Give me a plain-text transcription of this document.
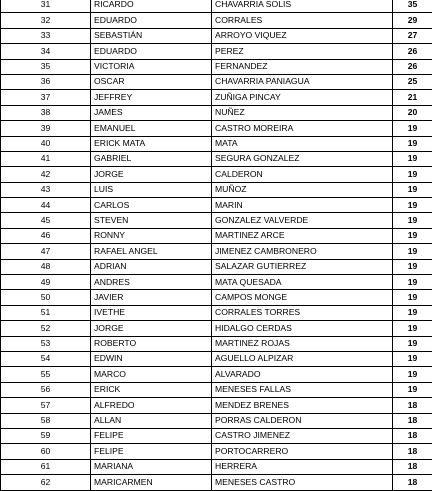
31	RICARDO	CHAVARRIA SOLIS	35
32	EDUARDO	CORRALES	29
33	SEBASTIÁN	ARROYO VIQUEZ	27
34	EDUARDO	PEREZ	26
35	VICTORIA	FERNANDEZ	26
36	OSCAR	CHAVARRIA PANIAGUA	25
37	JEFFREY	ZUÑIGA PINCAY	21
38	JAMES	NUÑEZ	20
39	EMANUEL	CASTRO MOREIRA	19
40	ERICK MATA	MATA	19
41	GABRIEL	SEGURA GONZALEZ	19
42	JORGE	CALDERON	19
43	LUIS	MUÑOZ	19
44	CARLOS	MARIN	19
45	STEVEN	GONZALEZ VALVERDE	19
46	RONNY	MARTINEZ ARCE	19
47	RAFAEL ANGEL	JIMENEZ CAMBRONERO	19
48	ADRIAN	SALAZAR GUTIERREZ	19
49	ANDRES	MATA QUESADA	19
50	JAVIER	CAMPOS MONGE	19
51	IVETHE	CORRALES TORRES	19
52	JORGE	HIDALGO CERDAS	19
53	ROBERTO	MARTINEZ ROJAS	19
54	EDWIN	AGUELLO ALPIZAR	19
55	MARCO	ALVARADO	19
56	ERICK	MENESES FALLAS	19
57	ALFREDO	MENDEZ BRENES	18
58	ALLAN	PORRAS CALDERON	18
59	FELIPE	CASTRO JIMENEZ	18
60	FELIPE	PORTOCARRERO	18
61	MARIANA	HERRERA	18
62	MARICARMEN	MENESES CASTRO	18
